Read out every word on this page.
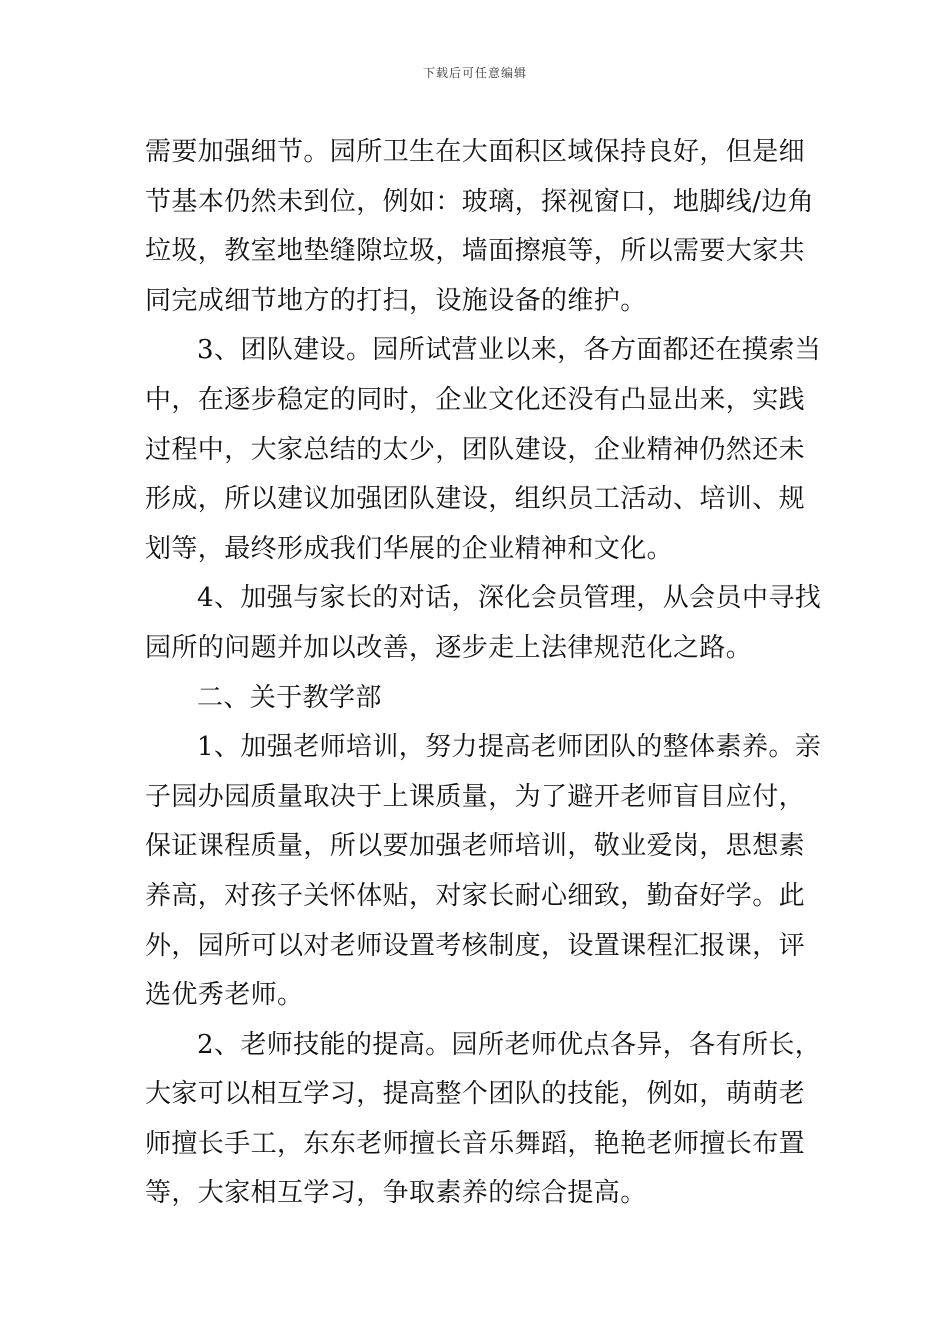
下载后可任意编辑

需要加强细节。园所卫生在大面积区域保持良好，但是细
节基本仍然未到位，例如：玻璃，探视窗口，地脚线/边角
垃圾，教室地垫缝隙垃圾，墙面擦痕等，所以需要大家共
同完成细节地方的打扫，设施设备的维护。

3、团队建设。园所试营业以来，各方面都还在摸索当
中，在逐步稳定的同时，企业文化还没有凸显出来，实践
过程中，大家总结的太少，团队建设，企业精神仍然还未
形成，所以建议加强团队建设，组织员工活动、培训、规
划等，最终形成我们华展的企业精神和文化。

4、加强与家长的对话，深化会员管理，从会员中寻找
园所的问题并加以改善，逐步走上法律规范化之路。

二、关于教学部

1、加强老师培训，努力提高老师团队的整体素养。亲
子园办园质量取决于上课质量，为了避开老师盲目应付，
保证课程质量，所以要加强老师培训，敬业爱岗，思想素
养高，对孩子关怀体贴，对家长耐心细致，勤奋好学。此
外，园所可以对老师设置考核制度，设置课程汇报课，评
选优秀老师。

2、老师技能的提高。园所老师优点各异，各有所长，
大家可以相互学习，提高整个团队的技能，例如，萌萌老
师擅长手工，东东老师擅长音乐舞蹈，艳艳老师擅长布置
等，大家相互学习，争取素养的综合提高。
